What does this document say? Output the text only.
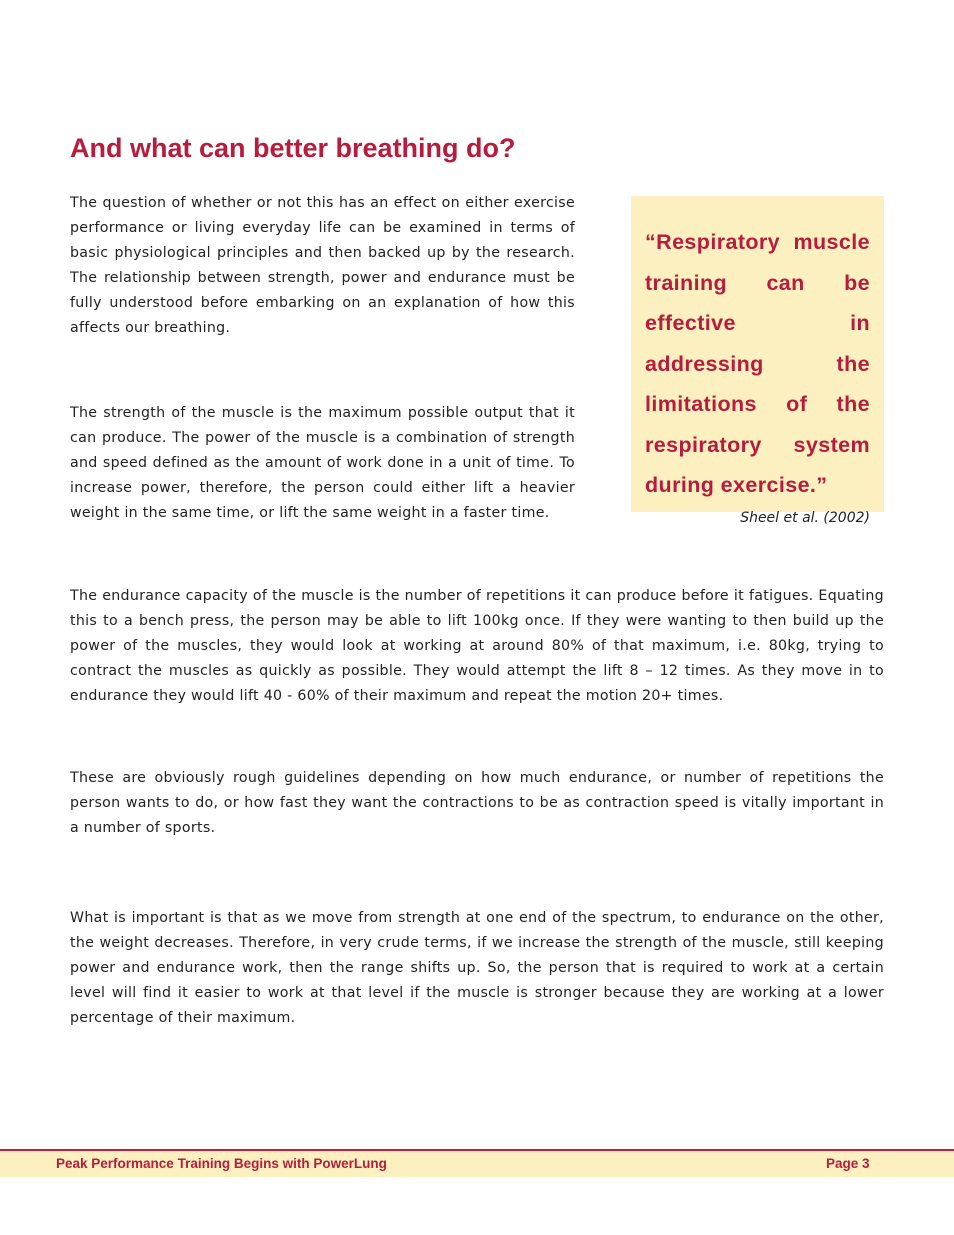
And what can better breathing do?

The question of whether or not this has an effect on either exercise performance or living everyday life can be examined in terms of basic physiological principles and then backed up by the research. The relationship between strength, power and endurance must be fully understood before embarking on an explanation of how this affects our breathing.

The strength of the muscle is the maximum possible output that it can produce. The power of the muscle is a combination of strength and speed defined as the amount of work done in a unit of time. To increase power, therefore, the person could either lift a heavier weight in the same time, or lift the same weight in a faster time.

“Respiratory muscle training can be effective in addressing the limitations of the respiratory system during exercise.”

Sheel et al. (2002)

The endurance capacity of the muscle is the number of repetitions it can produce before it fatigues. Equating this to a bench press, the person may be able to lift 100kg once. If they were wanting to then build up the power of the muscles, they would look at working at around 80% of that maximum, i.e. 80kg, trying to contract the muscles as quickly as possible. They would attempt the lift 8 – 12 times. As they move in to endurance they would lift 40 - 60% of their maximum and repeat the motion 20+ times.

These are obviously rough guidelines depending on how much endurance, or number of repetitions the person wants to do, or how fast they want the contractions to be as contraction speed is vitally important in a number of sports.

What is important is that as we move from strength at one end of the spectrum, to endurance on the other, the weight decreases. Therefore, in very crude terms, if we increase the strength of the muscle, still keeping power and endurance work, then the range shifts up. So, the person that is required to work at a certain level will find it easier to work at that level if the muscle is stronger because they are working at a lower percentage of their maximum.

Peak Performance Training Begins with PowerLung	Page 3
